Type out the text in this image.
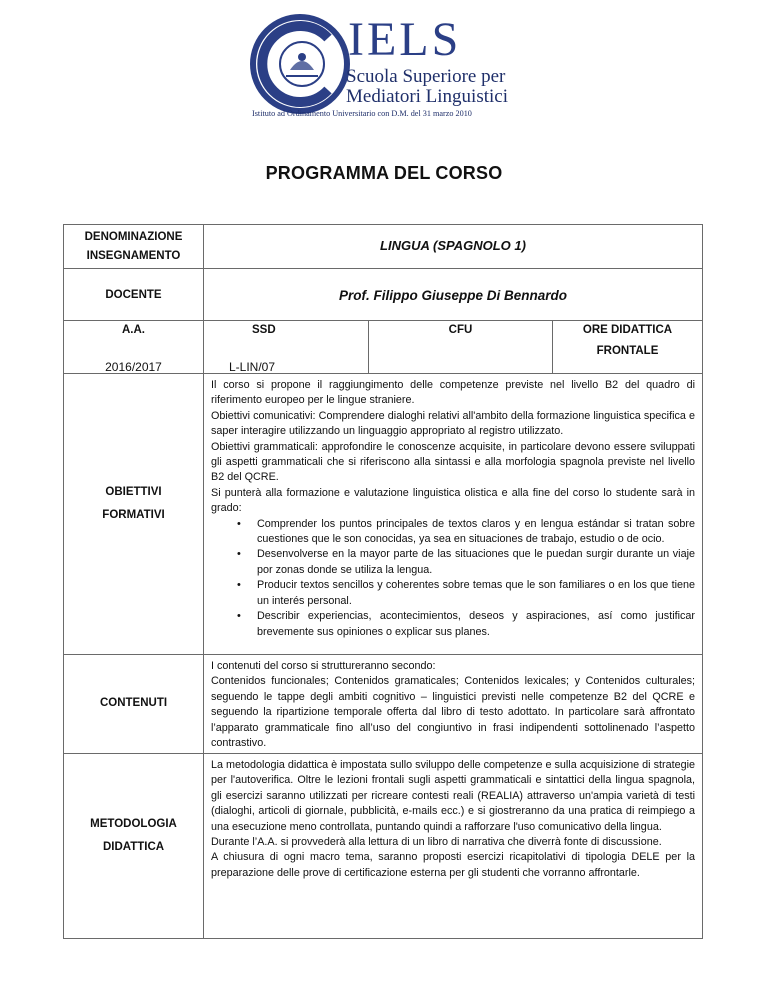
IELS
Scuola Superiore per
Mediatori Linguistici
Istituto ad Ordinamento Universitario con D.M. del 31 marzo 2010
PROGRAMMA DEL CORSO
DENOMINAZIONE
INSEGNAMENTO
LINGUA (SPAGNOLO 1)
DOCENTE	Prof. Filippo Giuseppe Di Bennardo
A.A.
2016/2017
SSD
L-LIN/07
CFU	ORE DIDATTICA
FRONTALE
OBIETTIVI
FORMATIVI
Il corso si propone il raggiungimento delle competenze previste nel livello B2 del quadro di riferimento europeo per le lingue straniere.
Obiettivi comunicativi: Comprendere dialoghi relativi all'ambito della formazione linguistica specifica e saper interagire utilizzando un linguaggio appropriato al registro utilizzato.
Obiettivi grammaticali: approfondire le conoscenze acquisite, in particolare devono essere sviluppati gli aspetti grammaticali che si riferiscono alla sintassi e alla morfologia spagnola previste nel livello B2 del QCRE.
Si punterà alla formazione e valutazione linguistica olistica e alla fine del corso lo studente sarà in grado:
• Comprender los puntos principales de textos claros y en lengua estándar si tratan sobre cuestiones que le son conocidas, ya sea en situaciones de trabajo, estudio o de ocio.
• Desenvolverse en la mayor parte de las situaciones que le puedan surgir durante un viaje por zonas donde se utiliza la lengua.
• Producir textos sencillos y coherentes sobre temas que le son familiares o en los que tiene un interés personal.
• Describir experiencias, acontecimientos, deseos y aspiraciones, así como justificar brevemente sus opiniones o explicar sus planes.
CONTENUTI
I contenuti del corso si struttureranno secondo:
Contenidos funcionales; Contenidos gramaticales; Contenidos lexicales; y Contenidos culturales; seguendo le tappe degli ambiti cognitivo – linguistici previsti nelle competenze B2 del QCRE e seguendo la ripartizione temporale offerta dal libro di testo adottato. In particolare sarà affrontato l’apparato grammaticale fino all’uso del congiuntivo in frasi indipendenti sottolinenado l’aspetto contrastivo.
METODOLOGIA
DIDATTICA
La metodologia didattica è impostata sullo sviluppo delle competenze e sulla acquisizione di strategie per l'autoverifica. Oltre le lezioni frontali sugli aspetti grammaticali e sintattici della lingua spagnola, gli esercizi saranno utilizzati per ricreare contesti reali (REALIA) attraverso un'ampia varietà di testi (dialoghi, articoli di giornale, pubblicità, e-mails ecc.) e si giostreranno da una pratica di reimpiego a una esecuzione meno controllata, puntando quindi a rafforzare l'uso comunicativo della lingua.
Durante l’A.A. si provvederà alla lettura di un libro di narrativa che diverrà fonte di discussione.
A chiusura di ogni macro tema, saranno proposti esercizi ricapitolativi di tipologia DELE per la preparazione delle prove di certificazione esterna per gli studenti che vorranno affrontarle.
